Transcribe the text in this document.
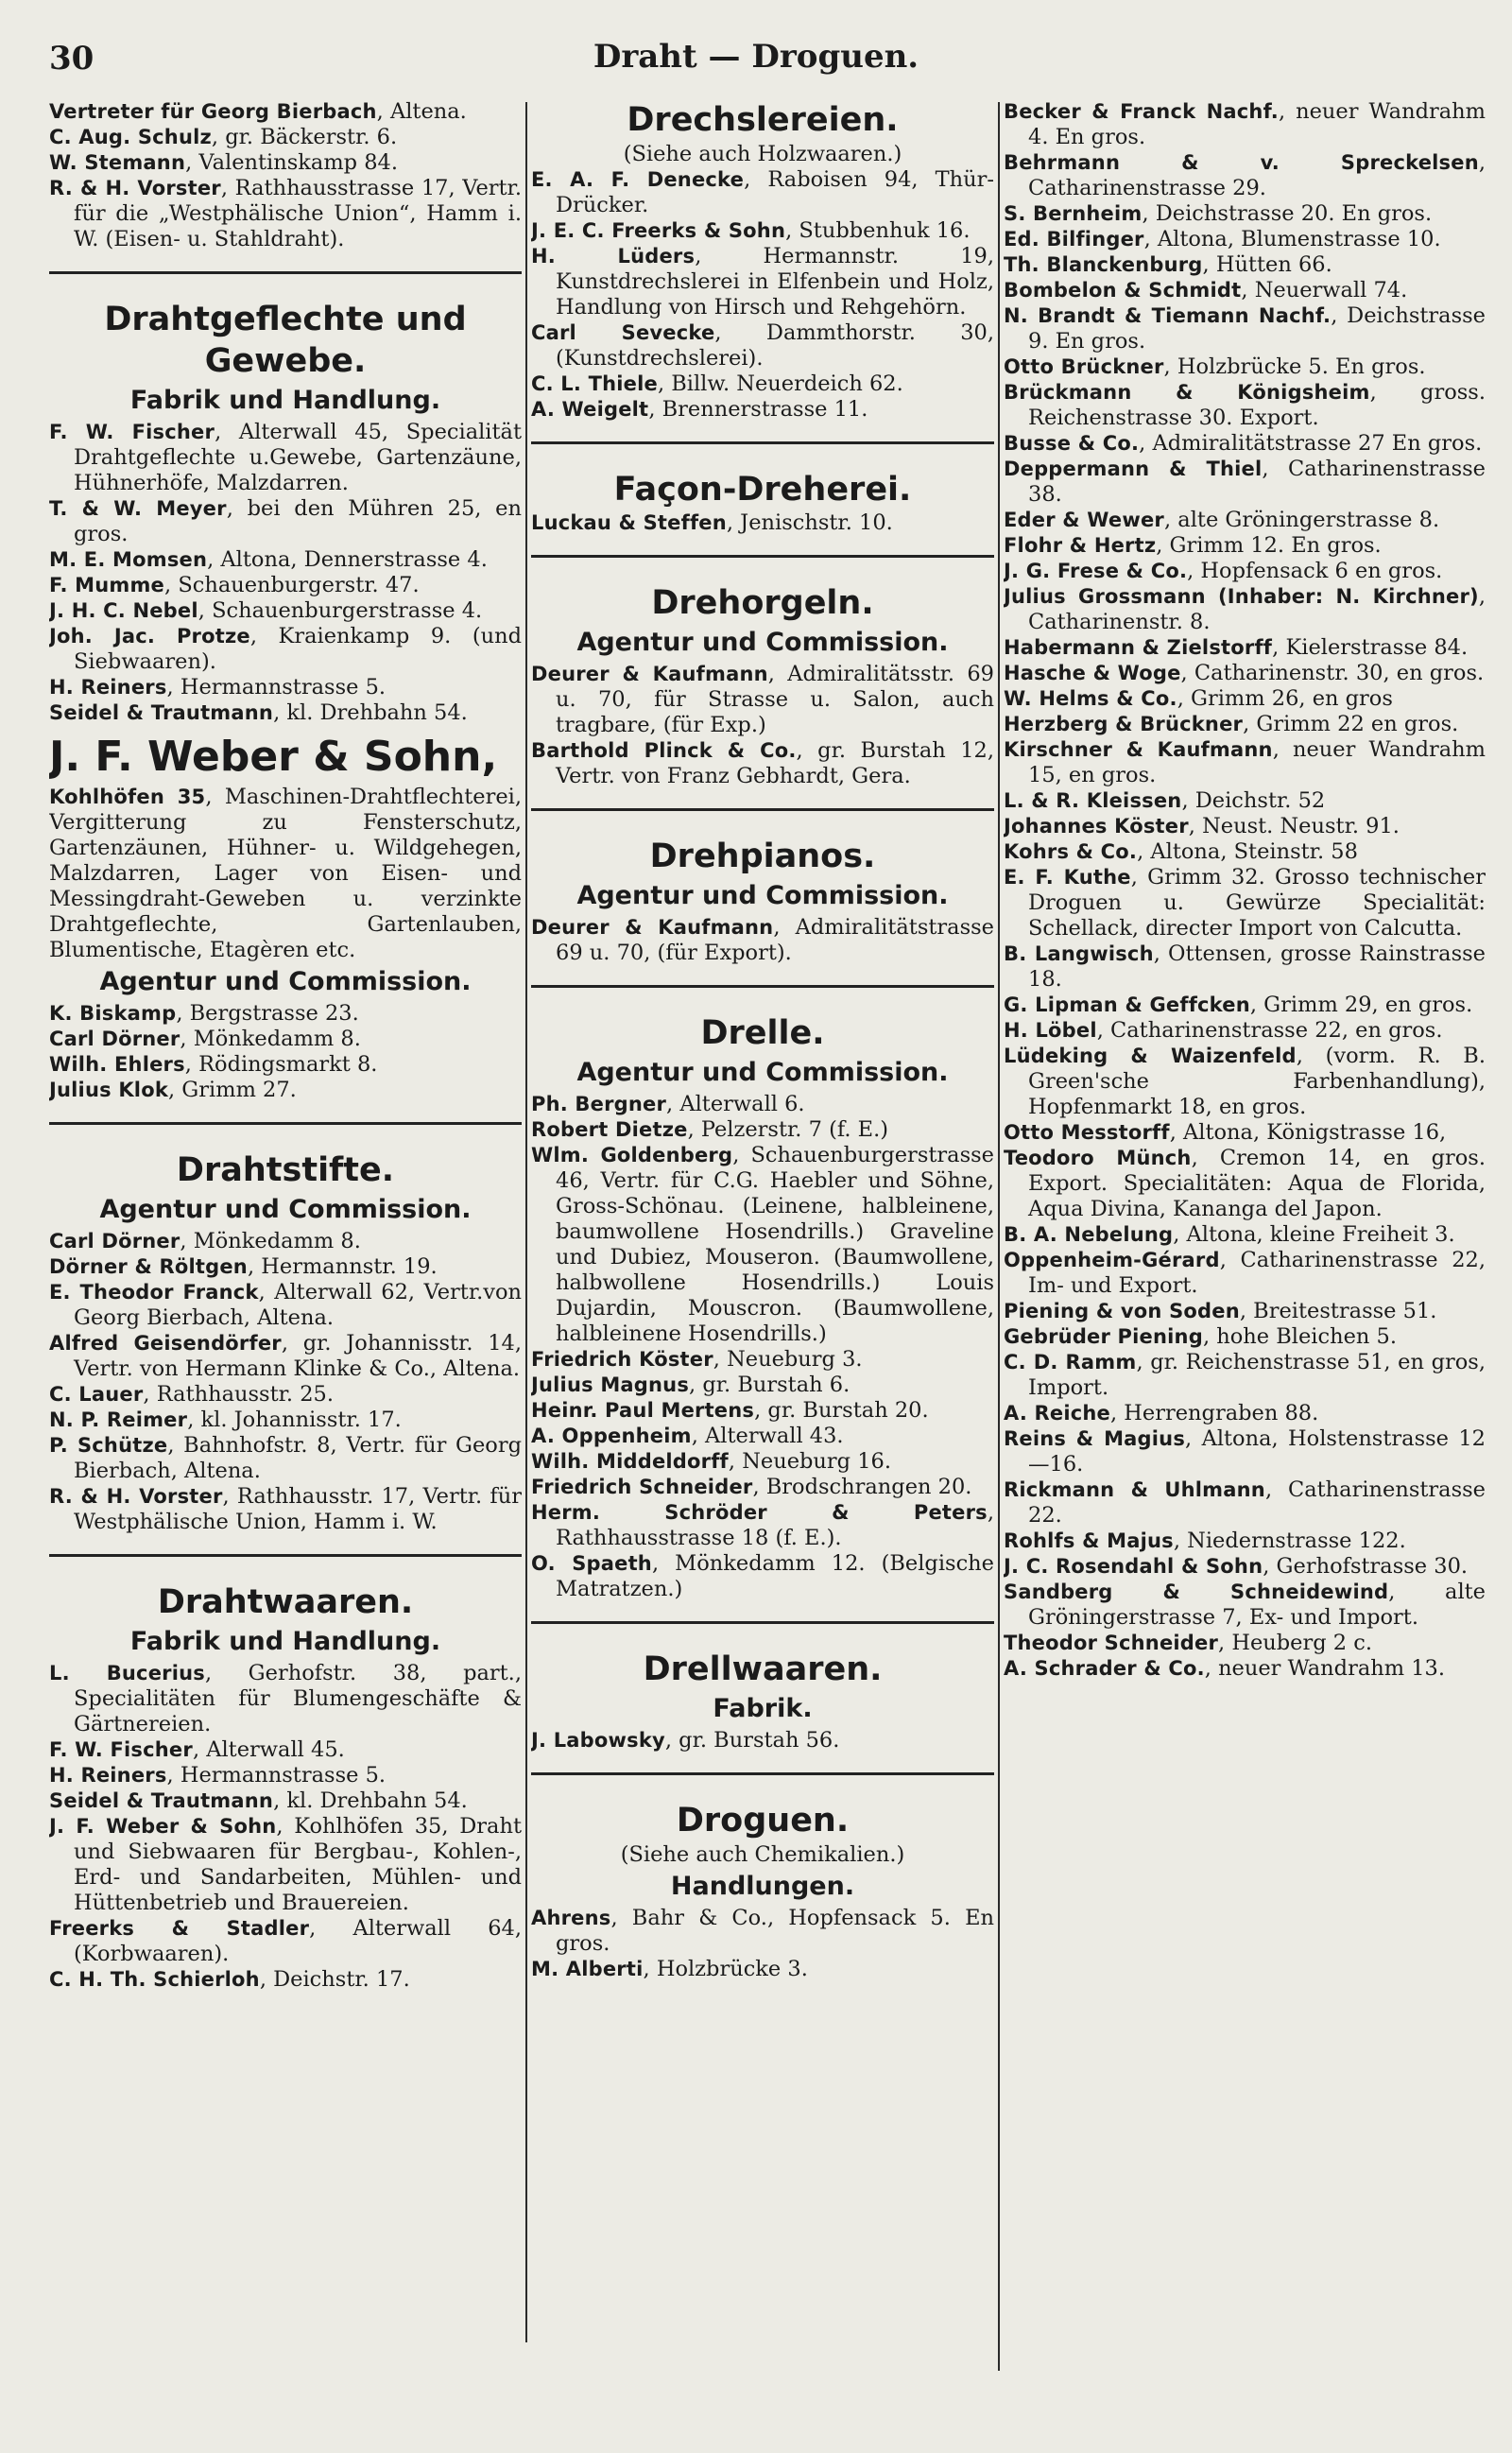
30	Draht — Droguen.

Vertreter für Georg Bierbach, Altena.

C. Aug. Schulz, gr. Bäckerstr. 6.

W. Stemann, Valentinskamp 84.

R. & H. Vorster, Rathhausstrasse 17, Vertr. für die „Westphälische Union“, Hamm i. W. (Eisen- u. Stahldraht).

Drahtgeflechte und Gewebe.

Fabrik und Handlung.

F. W. Fischer, Alterwall 45, Specialität Drahtgeflechte u.Gewebe, Gartenzäune, Hühnerhöfe, Malzdarren.

T. & W. Meyer, bei den Mühren 25, en gros.

M. E. Momsen, Altona, Dennerstrasse 4.

F. Mumme, Schauenburgerstr. 47.

J. H. C. Nebel, Schauenburgerstrasse 4.

Joh. Jac. Protze, Kraienkamp 9. (und Siebwaaren).

H. Reiners, Hermannstrasse 5.

Seidel & Trautmann, kl. Drehbahn 54.

J. F. Weber & Sohn,

Kohlhöfen 35, Maschinen-Drahtflechterei, Vergitterung zu Fensterschutz, Gartenzäunen, Hühner- u. Wildgehegen, Malzdarren, Lager von Eisen- und Messingdraht-Geweben u. verzinkte Drahtgeflechte, Gartenlauben, Blumentische, Etagèren etc.

Agentur und Commission.

K. Biskamp, Bergstrasse 23.

Carl Dörner, Mönkedamm 8.

Wilh. Ehlers, Rödingsmarkt 8.

Julius Klok, Grimm 27.

Drahtstifte.

Agentur und Commission.

Carl Dörner, Mönkedamm 8.

Dörner & Röltgen, Hermannstr. 19.

E. Theodor Franck, Alterwall 62, Vertr.von Georg Bierbach, Altena.

Alfred Geisendörfer, gr. Johannisstr. 14, Vertr. von Hermann Klinke & Co., Altena.

C. Lauer, Rathhausstr. 25.

N. P. Reimer, kl. Johannisstr. 17.

P. Schütze, Bahnhofstr. 8, Vertr. für Georg Bierbach, Altena.

R. & H. Vorster, Rathhausstr. 17, Vertr. für Westphälische Union, Hamm i. W.

Drahtwaaren.

Fabrik und Handlung.

L. Bucerius, Gerhofstr. 38, part., Specialitäten für Blumengeschäfte & Gärtnereien.

F. W. Fischer, Alterwall 45.

H. Reiners, Hermannstrasse 5.

Seidel & Trautmann, kl. Drehbahn 54.

J. F. Weber & Sohn, Kohlhöfen 35, Draht und Siebwaaren für Bergbau-, Kohlen-, Erd- und Sandarbeiten, Mühlen- und Hüttenbetrieb und Brauereien.

Freerks & Stadler, Alterwall 64, (Korbwaaren).

C. H. Th. Schierloh, Deichstr. 17.

Drechslereien.

(Siehe auch Holzwaaren.)

E. A. F. Denecke, Raboisen 94, Thür-Drücker.

J. E. C. Freerks & Sohn, Stubbenhuk 16.

H. Lüders, Hermannstr. 19, Kunstdrechslerei in Elfenbein und Holz, Handlung von Hirsch und Rehgehörn.

Carl Sevecke, Dammthorstr. 30, (Kunstdrechslerei).

C. L. Thiele, Billw. Neuerdeich 62.

A. Weigelt, Brennerstrasse 11.

Façon-Dreherei.

Luckau & Steffen, Jenischstr. 10.

Drehorgeln.

Agentur und Commission.

Deurer & Kaufmann, Admiralitätsstr. 69 u. 70, für Strasse u. Salon, auch tragbare, (für Exp.)

Barthold Plinck & Co., gr. Burstah 12, Vertr. von Franz Gebhardt, Gera.

Drehpianos.

Agentur und Commission.

Deurer & Kaufmann, Admiralitätstrasse 69 u. 70, (für Export).

Drelle.

Agentur und Commission.

Ph. Bergner, Alterwall 6.

Robert Dietze, Pelzerstr. 7 (f. E.)

Wlm. Goldenberg, Schauenburgerstrasse 46, Vertr. für C.G. Haebler und Söhne, Gross-Schönau. (Leinene, halbleinene, baumwollene Hosendrills.) Graveline und Dubiez, Mouseron. (Baumwollene, halbwollene Hosendrills.) Louis Dujardin, Mouscron. (Baumwollene, halbleinene Hosendrills.)

Friedrich Köster, Neueburg 3.

Julius Magnus, gr. Burstah 6.

Heinr. Paul Mertens, gr. Burstah 20.

A. Oppenheim, Alterwall 43.

Wilh. Middeldorff, Neueburg 16.

Friedrich Schneider, Brodschrangen 20.

Herm. Schröder & Peters, Rathhausstrasse 18 (f. E.).

O. Spaeth, Mönkedamm 12. (Belgische Matratzen.)

Drellwaaren.

Fabrik.

J. Labowsky, gr. Burstah 56.

Droguen.

(Siehe auch Chemikalien.)

Handlungen.

Ahrens, Bahr & Co., Hopfensack 5. En gros.

M. Alberti, Holzbrücke 3.

Becker & Franck Nachf., neuer Wandrahm 4. En gros.

Behrmann & v. Spreckelsen, Catharinenstrasse 29.

S. Bernheim, Deichstrasse 20. En gros.

Ed. Bilfinger, Altona, Blumenstrasse 10.

Th. Blanckenburg, Hütten 66.

Bombelon & Schmidt, Neuerwall 74.

N. Brandt & Tiemann Nachf., Deichstrasse 9. En gros.

Otto Brückner, Holzbrücke 5. En gros.

Brückmann & Königsheim, gross. Reichenstrasse 30. Export.

Busse & Co., Admiralitätstrasse 27 En gros.

Deppermann & Thiel, Catharinenstrasse 38.

Eder & Wewer, alte Gröningerstrasse 8.

Flohr & Hertz, Grimm 12. En gros.

J. G. Frese & Co., Hopfensack 6 en gros.

Julius Grossmann (Inhaber: N. Kirchner), Catharinenstr. 8.

Habermann & Zielstorff, Kielerstrasse 84.

Hasche & Woge, Catharinenstr. 30, en gros.

W. Helms & Co., Grimm 26, en gros

Herzberg & Brückner, Grimm 22 en gros.

Kirschner & Kaufmann, neuer Wandrahm 15, en gros.

L. & R. Kleissen, Deichstr. 52

Johannes Köster, Neust. Neustr. 91.

Kohrs & Co., Altona, Steinstr. 58

E. F. Kuthe, Grimm 32. Grosso technischer Droguen u. Gewürze Specialität: Schellack, directer Import von Calcutta.

B. Langwisch, Ottensen, grosse Rainstrasse 18.

G. Lipman & Geffcken, Grimm 29, en gros.

H. Löbel, Catharinenstrasse 22, en gros.

Lüdeking & Waizenfeld, (vorm. R. B. Green'sche Farbenhandlung), Hopfenmarkt 18, en gros.

Otto Messtorff, Altona, Königstrasse 16,

Teodoro Münch, Cremon 14, en gros. Export. Specialitäten: Aqua de Florida, Aqua Divina, Kananga del Japon.

B. A. Nebelung, Altona, kleine Freiheit 3.

Oppenheim-Gérard, Catharinenstrasse 22, Im- und Export.

Piening & von Soden, Breitestrasse 51.

Gebrüder Piening, hohe Bleichen 5.

C. D. Ramm, gr. Reichenstrasse 51, en gros, Import.

A. Reiche, Herrengraben 88.

Reins & Magius, Altona, Holstenstrasse 12—16.

Rickmann & Uhlmann, Catharinenstrasse 22.

Rohlfs & Majus, Niedernstrasse 122.

J. C. Rosendahl & Sohn, Gerhofstrasse 30.

Sandberg & Schneidewind, alte Gröningerstrasse 7, Ex- und Import.

Theodor Schneider, Heuberg 2 c.

A. Schrader & Co., neuer Wandrahm 13.
